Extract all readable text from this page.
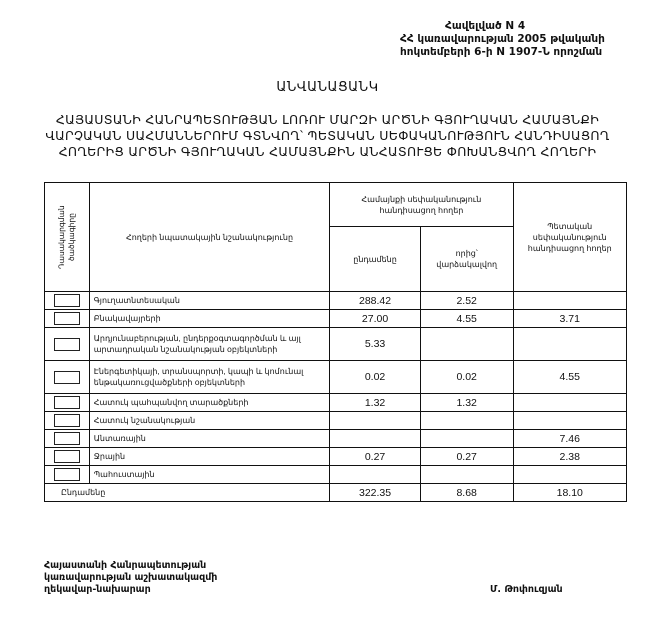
Հավելված N 4
ՀՀ կառավարության 2005 թվականի
հոկտեմբերի 6-ի N 1907-Ն որոշման
ԱՆՎԱՆԱՑԱՆԿ
ՀԱՅԱՍՏԱՆԻ ՀԱՆՐԱՊԵՏՈՒԹՅԱՆ ԼՈՌՈՒ ՄԱՐԶԻ ԱՐԾՆԻ ԳՅՈՒՂԱԿԱՆ ՀԱՄԱՅՆՔԻ
ՎԱՐՉԱԿԱՆ ՍԱՀՄԱՆՆԵՐՈՒՄ ԳՏՆՎՈՂ՝ ՊԵՏԱԿԱՆ ՍԵՓԱԿԱՆՈՒԹՅՈՒՆ ՀԱՆԴԻՍԱՑՈՂ
ՀՈՂԵՐԻՑ ԱՐԾՆԻ ԳՅՈՒՂԱԿԱՆ ՀԱՄԱՅՆՔԻՆ ԱՆՀԱՏՈՒՑԵ ՓՈԽԱՆՑՎՈՂ ՀՈՂԵՐԻ
Դասակարգման ծածկագիրը	Հողերի նպատակային նշանակությունը	Համայնքի սեփականություն հանդիսացող հողեր		Պետական սեփականություն հանդիսացող հողեր
		ընդամենը	որից՝ վարձակալվող	
	Գյուղատնտեսական	288.42	2.52	
	Բնակավայրերի	27.00	4.55	3.71
	Արդյունաբերության, ընդերքօգտագործման և այլ արտադրական նշանակության օբյեկտների	5.33		
	Էներգետիկայի, տրանսպորտի, կապի և կոմունալ ենթակառուցվածքների օբյեկտների	0.02	0.02	4.55
	Հատուկ պահպանվող տարածքների	1.32	1.32	
	Հատուկ նշանակության			
	Անտառային			7.46
	Ջրային	0.27	0.27	2.38
	Պահուստային			
Ընդամենը		322.35	8.68	18.10
Հայաստանի Հանրապետության
կառավարության աշխատակազմի
ղեկավար-նախարար	Մ. Թոփուզյան
